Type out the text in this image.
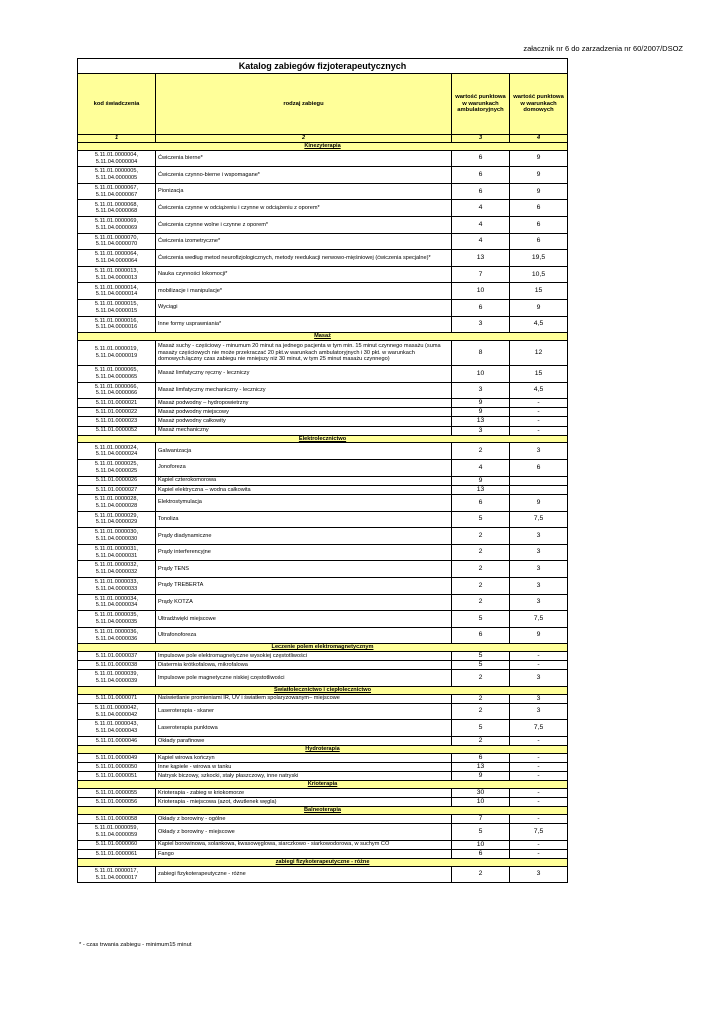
załacznik nr 6 do zarzadzenia nr 60/2007/DSOZ
Katalog zabiegów fizjoterapeutycznych			
kod świadczenia	rodzaj zabiegu	wartość punktowa w warunkach ambulatoryjnych	wartość punktowa w warunkach domowych
1	2	3	4
Kinezyterapia			
5.11.01.0000004,
5.11.04.0000004	Ćwiczenia bierne*	6	9
5.11.01.0000005,
5.11.04.0000005	Ćwiczenia czynno-bierne i wspomagane*	6	9
5.11.01.0000067,
5.11.04.0000067	Pionizacja	6	9
5.11.01.0000068,
5.11.04.0000068	Ćwiczenia czynne w odciążeniu i czynne w odciążeniu z oporem*	4	6
5.11.01.0000069,
5.11.04.0000069	Ćwiczenia czynne wolne i czynne z oporem*	4	6
5.11.01.0000070,
5.11.04.0000070	Ćwiczenia izometryczne*	4	6
5.11.01.0000064,
5.11.04.0000064	Ćwiczenia według metod neurofizjologicznych, metody reedukacji nerwowo-mięśniowej (ćwiczenia specjalne)*	13	19,5
5.11.01.0000013,
5.11.04.0000013	Nauka czynności lokomocji*	7	10,5
5.11.01.0000014,
5.11.04.0000014	mobilizacje i manipulacje*	10	15
5.11.01.0000015,
5.11.04.0000015	Wyciągi	6	9
5.11.01.0000016,
5.11.04.0000016	Inne formy usprawniania*	3	4,5
Masaż			
5.11.01.0000019,
5.11.04.0000019	Masaż suchy - częściowy - minumum 20 minut na jednego pacjenta w tym min. 15 minut czynnego masażu (suma masaży częściowych nie może przekraczać 20 pkt.w warunkach ambulatoryjnych i 30 pkt. w warunkach domowych.łączny czas zabiegu nie mniejszy niż 30 minut, w tym 25 minut masażu czynnego)	8	12
5.11.01.0000065,
5.11.04.0000065	Masaż limfatyczny ręczny - leczniczy	10	15
5.11.01.0000066,
5.11.04.0000066	Masaż limfatyczny mechaniczny - leczniczy	3	4,5
5.11.01.0000021	Masaż podwodny – hydropowietrzny	9	-
5.11.01.0000022	Masaż podwodny miejscowy	9	-
5.11.01.0000023	Masaż podwodny całkowity	13	-
5.11.01.0000052	Masaż mechaniczny	3	-
Elektrolecznictwo			
5.11.01.0000024,
5.11.04.0000024	Galwanizacja	2	3
5.11.01.0000025,
5.11.04.0000025	Jonoforeza	4	6
5.11.01.0000026	Kąpiel czterokomorowa	9	
5.11.01.0000027	Kąpiel elektryczna – wodna całkowita	13	
5.11.01.0000028,
5.11.04.0000028	Elektrostymulacja	6	9
5.11.01.0000029,
5.11.04.0000029	Tonoliza	5	7,5
5.11.01.0000030,
5.11.04.0000030	Prądy diadynamiczne	2	3
5.11.01.0000031,
5.11.04.0000031	Prądy interferencyjne	2	3
5.11.01.0000032,
5.11.04.0000032	Prądy TENS	2	3
5.11.01.0000033,
5.11.04.0000033	Prądy TREBERTA	2	3
5.11.01.0000034,
5.11.04.0000034	Prądy KOTZA	2	3
5.11.01.0000035,
5.11.04.0000035	Ultradźwięki miejscowe	5	7,5
5.11.01.0000036,
5.11.04.0000036	Ultrafonoforeza	6	9
Leczenie polem elektromagnetycznym			
5.11.01.0000037	Impulsowe pole elektromagnetyczne wysokiej częstotliwości	5	-
5.11.01.0000038	Diatermia krótkofalowa, mikrofalowa	5	-
5.11.01.0000039,
5.11.04.0000039	Impulsowe pole magnetyczne niskiej częstotliwości	2	3
Światłolecznictwo i ciepłolecznictwo			
5.11.01.0000071	Naświetlanie promieniami IR, UV i światłem spolaryzowanym– miejscowe	2	3
5.11.01.0000042,
5.11.04.0000042	Laseroterapia - skaner	2	3
5.11.01.0000043,
5.11.04.0000043	Laseroterapia punktowa	5	7,5
5.11.01.0000046	Okłady parafinowe	2	-
Hydroterapia			
5.11.01.0000049	Kąpiel wirowa kończyn	6	-
5.11.01.0000050	Inne kąpiele - wirowa w tanku	13	-
5.11.01.0000051	Natrysk biczowy, szkocki, stały płaszczowy, inne natryski	9	-
Krioterapia			
5.11.01.0000055	Krioterapia - zabieg w kriokomorze	30	-
5.11.01.0000056	Krioterapia - miejscowa (azot, dwutlenek węgla)	10	-
Balneoterapia			
5.11.01.0000058	Okłady z borowiny - ogólne	7	-
5.11.01.0000059,
5.11.04.0000059	Okłady z borowiny - miejscowe	5	7,5
5.11.01.0000060	Kąpiel borowinowa, solankowa, kwasowęglowa, siarczkowo - siarkowodorowa, w suchym CO	10	-
5.11.01.0000061	Fango	6	-
zabiegi fizykoterapeutyczne - różne			
5.11.01.0000017,
5.11.04.0000017	zabiegi fizykoterapeutyczne - różne	2	3
* - czas trwania zabiegu - minimum15 minut
